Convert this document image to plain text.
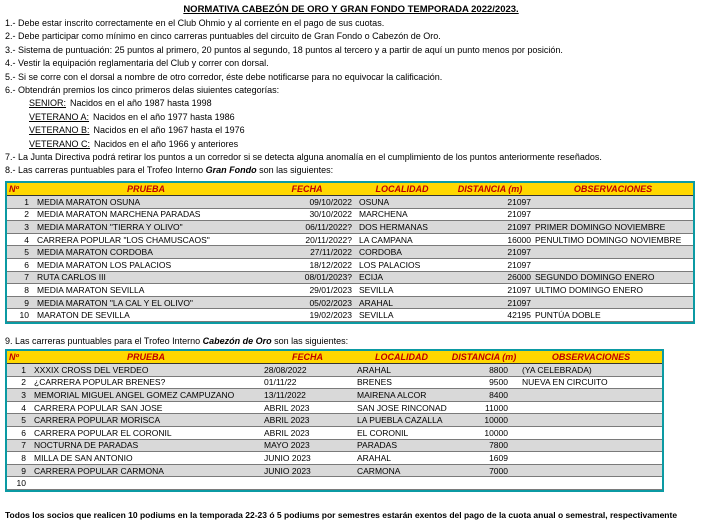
NORMATIVA CABEZÓN DE ORO Y GRAN FONDO TEMPORADA 2022/2023.
1.- Debe estar inscrito correctamente en el Club Ohmio y al corriente en el pago de sus cuotas.
2.- Debe participar como mínimo en cinco carreras puntuables del circuito de Gran Fondo o Cabezón de Oro.
3.- Sistema de puntuación: 25 puntos al primero, 20 puntos al segundo, 18 puntos al tercero y a partir de aquí un punto menos por posición.
4.- Vestir la equipación reglamentaria del Club y correr con dorsal.
5.- Si se corre con el dorsal a nombre de otro corredor, éste debe notificarse para no equivocar la calificación.
6.- Obtendrán premios los cinco primeros delas siuientes categorías:
SENIOR: Nacidos en el año 1987 hasta 1998
VETERANO A: Nacidos en el año 1977 hasta 1986
VETERANO B: Nacidos en el año 1967 hasta el 1976
VETERANO C: Nacidos en el año 1966 y anteriores
7.- La Junta Directiva podrá retirar los puntos a un corredor si se detecta alguna anomalía en el cumplimiento de los puntos anteriormente reseñados.
8.- Las carreras puntuables para el Trofeo Interno Gran Fondo son las siguientes:
Nº	PRUEBA	FECHA	LOCALIDAD	DISTANCIA (m)	OBSERVACIONES
1	MEDIA MARATON OSUNA	09/10/2022	OSUNA	21097	
2	MEDIA MARATON MARCHENA PARADAS	30/10/2022	MARCHENA	21097	
3	MEDIA MARATON "TIERRA Y OLIVO"	06/11/2022?	DOS HERMANAS	21097	PRIMER DOMINGO NOVIEMBRE
4	CARRERA POPULAR "LOS CHAMUSCAOS"	20/11/2022?	LA CAMPANA	16000	PENULTIMO DOMINGO NOVIEMBRE
5	MEDIA MARATON CORDOBA	27/11/2022	CORDOBA	21097	
6	MEDIA MARATON LOS PALACIOS	18/12/2022	LOS PALACIOS	21097	
7	RUTA CARLOS III	08/01/2023?	ECIJA	26000	SEGUNDO DOMINGO ENERO
8	MEDIA MARATON SEVILLA	29/01/2023	SEVILLA	21097	ULTIMO DOMINGO ENERO
9	MEDIA MARATON "LA CAL Y EL OLIVO"	05/02/2023	ARAHAL	21097	
10	MARATON DE SEVILLA	19/02/2023	SEVILLA	42195	PUNTÚA DOBLE
9. Las carreras puntuables para el Trofeo Interno Cabezón de Oro son las siguientes:
Nº	PRUEBA	FECHA	LOCALIDAD	DISTANCIA (m)	OBSERVACIONES
1	XXXIX CROSS DEL VERDEO	28/08/2022	ARAHAL	8800	(YA CELEBRADA)
2	¿CARRERA POPULAR BRENES?	01/11/22	BRENES	9500	NUEVA EN CIRCUITO
3	MEMORIAL MIGUEL ANGEL GOMEZ CAMPUZANO	13/11/2022	MAIRENA ALCOR	8400	
4	CARRERA POPULAR SAN JOSE	ABRIL 2023	SAN JOSE RINCONAD	11000	
5	CARRERA POPULAR MORISCA	ABRIL 2023	LA PUEBLA CAZALLA	10000	
6	CARRERA POPULAR EL CORONIL	ABRIL 2023	EL CORONIL	10000	
7	NOCTURNA DE PARADAS	MAYO 2023	PARADAS	7800	
8	MILLA DE SAN ANTONIO	JUNIO 2023	ARAHAL	1609	
9	CARRERA POPULAR CARMONA	JUNIO 2023	CARMONA	7000	
10					
Todos los socios que realicen 10 podiums en la temporada 22-23 ó 5 podiums por semestres estarán exentos del pago de la cuota anual o semestral, respectivamente
